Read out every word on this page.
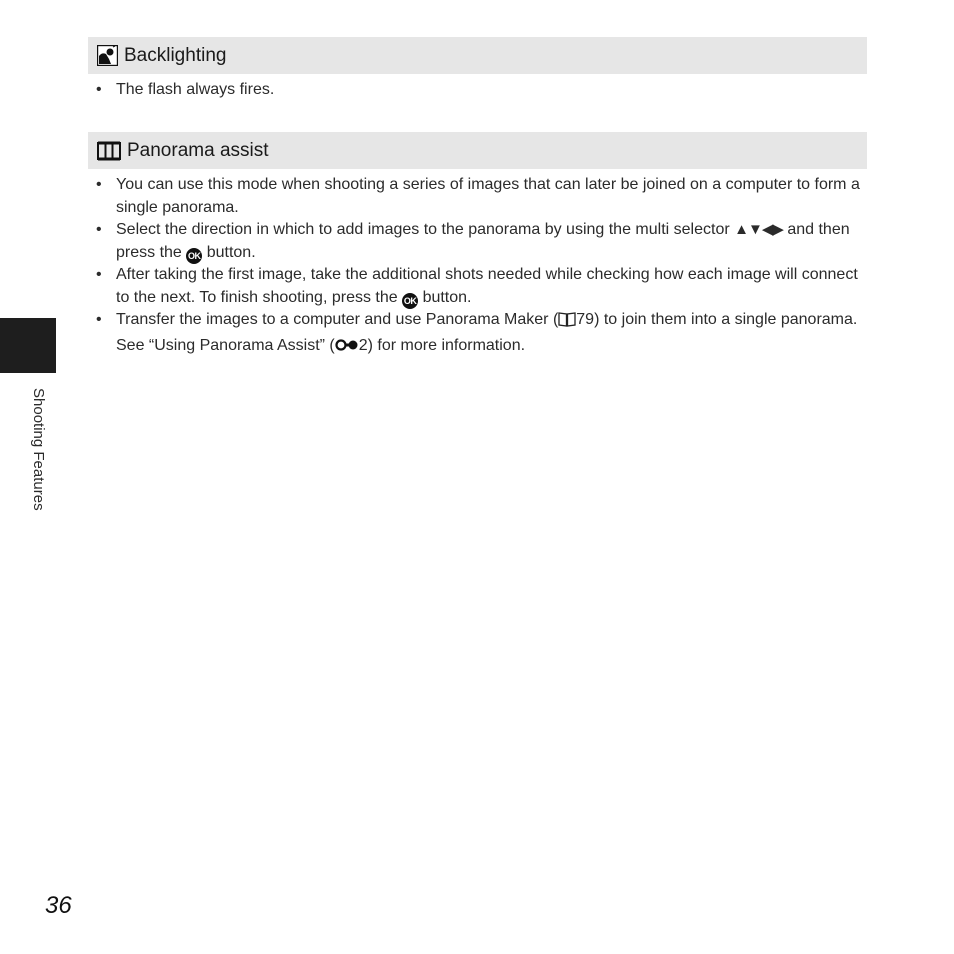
Backlighting
• The flash always fires.
Panorama assist
• You can use this mode when shooting a series of images that can later be joined on a computer to form a single panorama.
• Select the direction in which to add images to the panorama by using the multi selector ▲▼◀▶ and then press the OK button.
• After taking the first image, take the additional shots needed while checking how each image will connect to the next. To finish shooting, press the OK button.
• Transfer the images to a computer and use Panorama Maker ( 79) to join them into a single panorama.
See “Using Panorama Assist” ( 2) for more information.
Shooting Features
36
